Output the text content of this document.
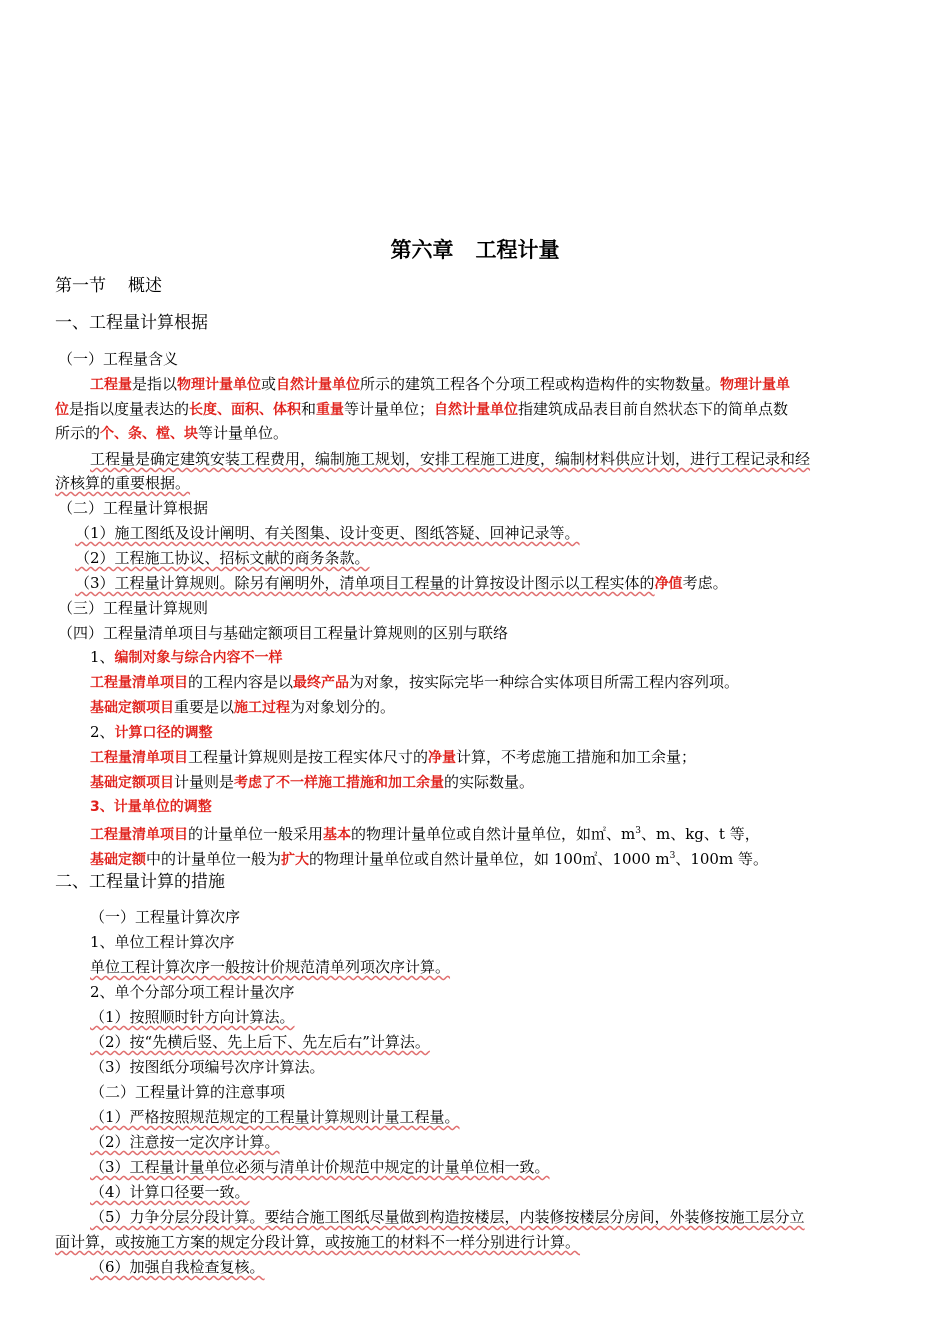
第六章 工程计量
第一节 概述
一、工程量计算根据
（一）工程量含义
工程量是指以物理计量单位或自然计量单位所示的建筑工程各个分项工程或构造构件的实物数量。物理计量单
位是指以度量表达的长度、面积、体积和重量等计量单位；自然计量单位指建筑成品表目前自然状态下的简单点数
所示的个、条、樘、块等计量单位。
工程量是确定建筑安装工程费用，编制施工规划，安排工程施工进度，编制材料供应计划，进行工程记录和经
济核算的重要根据。
（二）工程量计算根据
（1）施工图纸及设计阐明、有关图集、设计变更、图纸答疑、回神记录等。
（2）工程施工协议、招标文献的商务条款。
（3）工程量计算规则。除另有阐明外，清单项目工程量的计算按设计图示以工程实体的净值考虑。
（三）工程量计算规则
（四）工程量清单项目与基础定额项目工程量计算规则的区别与联络
1、编制对象与综合内容不一样
工程量清单项目的工程内容是以最终产品为对象，按实际完毕一种综合实体项目所需工程内容列项。
基础定额项目重要是以施工过程为对象划分的。
2、计算口径的调整
工程量清单项目工程量计算规则是按工程实体尺寸的净量计算，不考虑施工措施和加工余量；
基础定额项目计量则是考虑了不一样施工措施和加工余量的实际数量。
3、计量单位的调整
工程量清单项目的计量单位一般采用基本的物理计量单位或自然计量单位，如㎡、$m^3$、m、kg、t 等，
基础定额中的计量单位一般为扩大的物理计量单位或自然计量单位，如 100㎡、1000 $m^3$、100m 等。
二、工程量计算的措施
（一）工程量计算次序
1、单位工程计算次序
单位工程计算次序一般按计价规范清单列项次序计算。
2、单个分部分项工程计量次序
（1）按照顺时针方向计算法。
（2）按“先横后竖、先上后下、先左后右”计算法。
（3）按图纸分项编号次序计算法。
（二）工程量计算的注意事项
（1）严格按照规范规定的工程量计算规则计量工程量。
（2）注意按一定次序计算。
（3）工程量计量单位必须与清单计价规范中规定的计量单位相一致。
（4）计算口径要一致。
（5）力争分层分段计算。要结合施工图纸尽量做到构造按楼层，内装修按楼层分房间，外装修按施工层分立
面计算，或按施工方案的规定分段计算，或按施工的材料不一样分别进行计算。
（6）加强自我检查复核。
